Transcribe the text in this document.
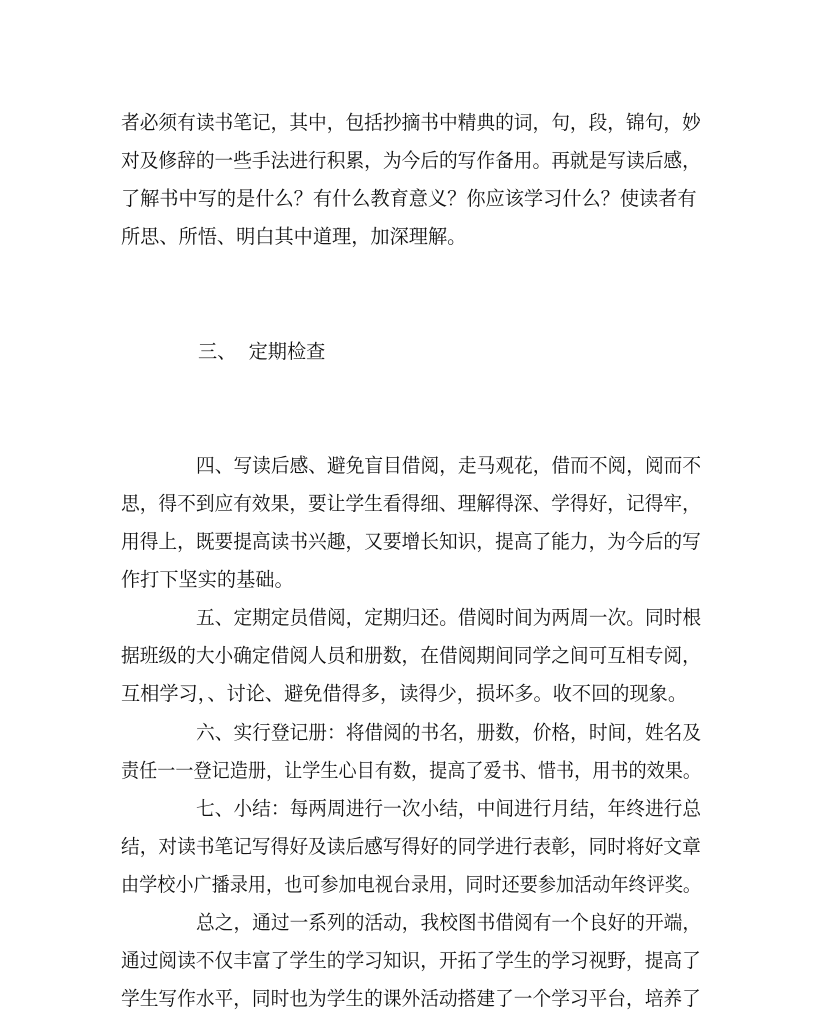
者必须有读书笔记，其中，包括抄摘书中精典的词，句，段，锦句，妙
对及修辞的一些手法进行积累，为今后的写作备用。再就是写读后感，
了解书中写的是什么？有什么教育意义？你应该学习什么？使读者有
所思、所悟、明白其中道理，加深理解。

三、  定期检查

四、写读后感、避免盲目借阅，走马观花，借而不阅，阅而不
思，得不到应有效果，要让学生看得细、理解得深、学得好，记得牢，
用得上，既要提高读书兴趣，又要增长知识，提高了能力，为今后的写
作打下坚实的基础。

五、定期定员借阅，定期归还。借阅时间为两周一次。同时根
据班级的大小确定借阅人员和册数，在借阅期间同学之间可互相专阅，
互相学习，、讨论、避免借得多，读得少，损坏多。收不回的现象。

六、实行登记册：将借阅的书名，册数，价格，时间，姓名及
责任一一登记造册，让学生心目有数，提高了爱书、惜书，用书的效果。

七、小结：每两周进行一次小结，中间进行月结，年终进行总
结，对读书笔记写得好及读后感写得好的同学进行表彰，同时将好文章
由学校小广播录用，也可参加电视台录用，同时还要参加活动年终评奖。

总之，通过一系列的活动，我校图书借阅有一个良好的开端，
通过阅读不仅丰富了学生的学习知识，开拓了学生的学习视野，提高了
学生写作水平，同时也为学生的课外活动搭建了一个学习平台，培养了
